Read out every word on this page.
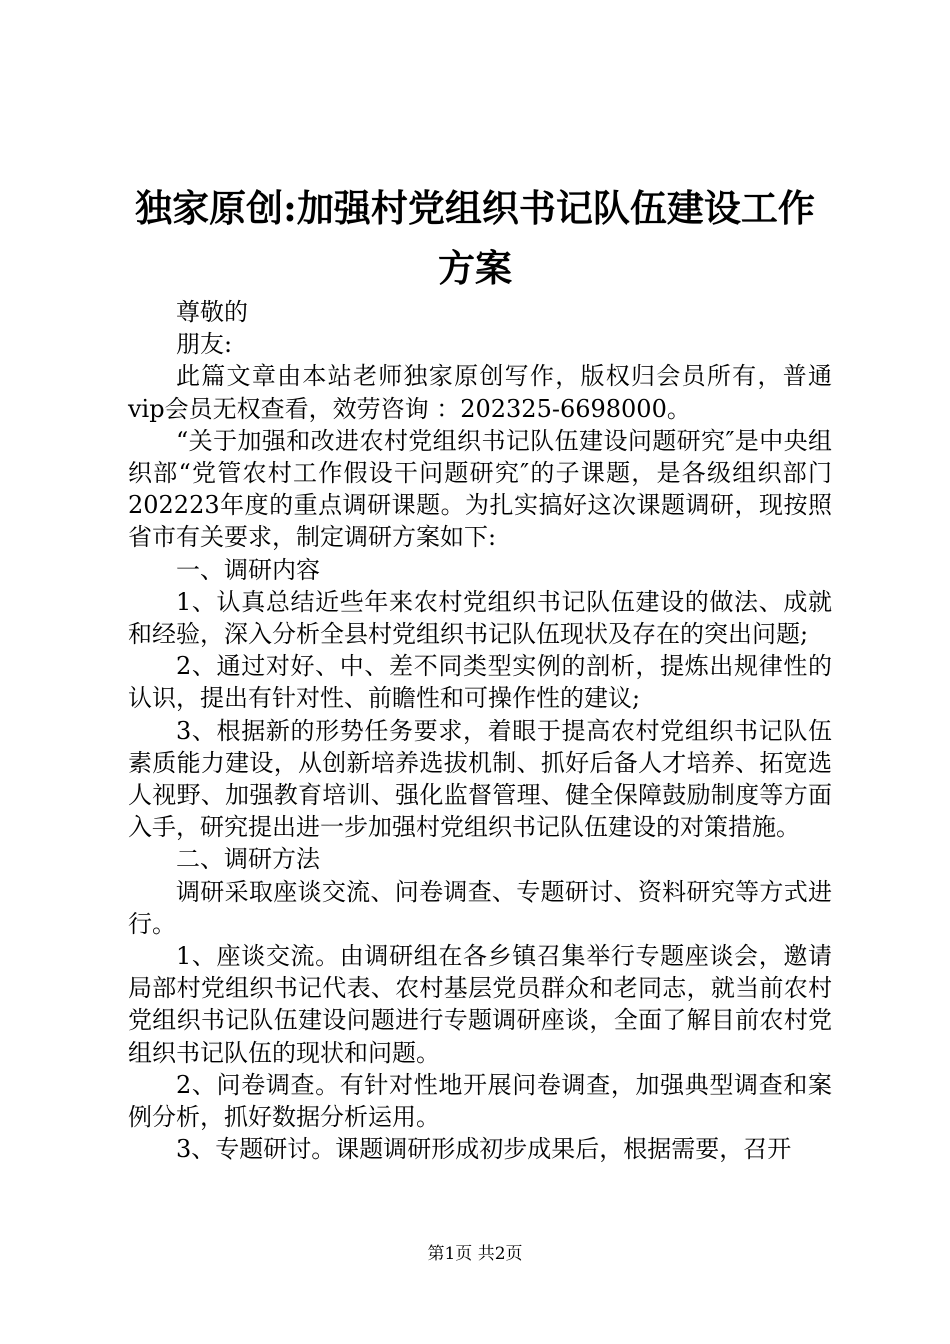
独家原创:加强村党组织书记队伍建设工作方案

尊敬的

朋友:

此篇文章由本站老师独家原创写作，版权归会员所有，普通vip会员无权查看，效劳咨询 ：202325-6698000。

“关于加强和改进农村党组织书记队伍建设问题研究″是中央组织部“党管农村工作假设干问题研究″的子课题，是各级组织部门202223年度的重点调研课题。为扎实搞好这次课题调研，现按照省市有关要求，制定调研方案如下:

一、调研内容

1、认真总结近些年来农村党组织书记队伍建设的做法、成就和经验，深入分析全县村党组织书记队伍现状及存在的突出问题;

2、通过对好、中、差不同类型实例的剖析，提炼出规律性的认识，提出有针对性、前瞻性和可操作性的建议;

3、根据新的形势任务要求，着眼于提高农村党组织书记队伍素质能力建设，从创新培养选拔机制、抓好后备人才培养、拓宽选人视野、加强教育培训、强化监督管理、健全保障鼓励制度等方面入手，研究提出进一步加强村党组织书记队伍建设的对策措施。

二、调研方法

调研采取座谈交流、问卷调查、专题研讨、资料研究等方式进行。

1、座谈交流。由调研组在各乡镇召集举行专题座谈会，邀请局部村党组织书记代表、农村基层党员群众和老同志，就当前农村党组织书记队伍建设问题进行专题调研座谈，全面了解目前农村党组织书记队伍的现状和问题。

2、问卷调查。有针对性地开展问卷调查，加强典型调查和案例分析，抓好数据分析运用。

3、专题研讨。课题调研形成初步成果后，根据需要，召开

第1页 共2页
